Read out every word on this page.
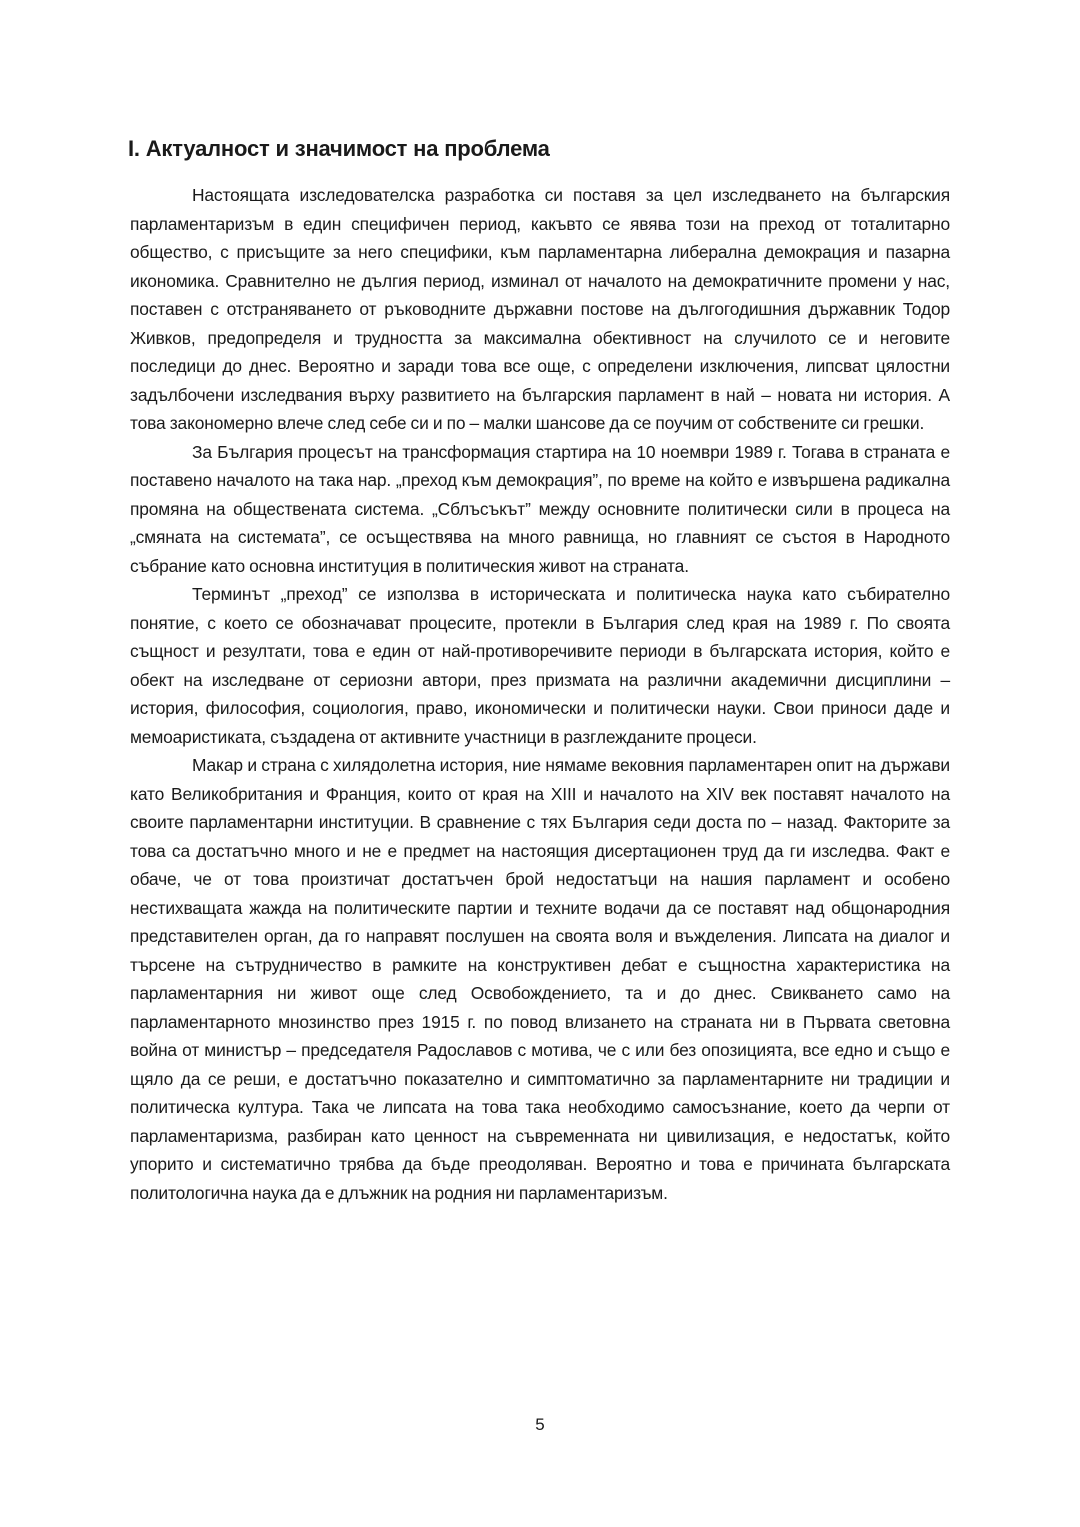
I. Актуалност и значимост на проблема

Настоящата изследователска разработка си поставя за цел изследването на българския парламентаризъм в един специфичен период, какъвто се явява този на преход от тоталитарно общество, с присъщите за него специфики, към парламентарна либерална демокрация и пазарна икономика. Сравнително не дългия период, изминал от началото на демократичните промени у нас, поставен с отстраняването от ръководните държавни постове на дългогодишния държавник Тодор Живков, предопределя и трудността за максимална обективност на случилото се и неговите последици до днес. Вероятно и заради това все още, с определени изключения, липсват цялостни задълбочени изследвания върху развитието на българския парламент в най – новата ни история. А това закономерно влече след себе си и по – малки шансове да се поучим от собствените си грешки.

За България процесът на трансформация стартира на 10 ноември 1989 г. Тогава в страната е поставено началото на така нар. „преход към демокрация”, по време на който е извършена радикална промяна на обществената система. „Сблъсъкът” между основните политически сили в процеса на „смяната на системата”, се осъществява на много равнища, но главният се състоя в Народното събрание като основна институция в политическия живот на страната.

Терминът „преход” се използва в историческата и политическа наука като събирателно понятие, с което се обозначават процесите, протекли в България след края на 1989 г. По своята същност и резултати, това е един от най-противоречивите периоди в българската история, който е обект на изследване от сериозни автори, през призмата на различни академични дисциплини – история, философия, социология, право, икономически и политически науки. Свои приноси даде и мемоаристиката, създадена от активните участници в разглежданите процеси.

Макар и страна с хилядолетна история, ние нямаме вековния парламентарен опит на държави като Великобритания и Франция, които от края на XIII и началото на XIV век поставят началото на своите парламентарни институции. В сравнение с тях България седи доста по – назад. Факторите за това са достатъчно много и не е предмет на настоящия дисертационен труд да ги изследва. Факт е обаче, че от това произтичат достатъчен брой недостатъци на нашия парламент и особено нестихващата жажда на политическите партии и техните водачи да се поставят над общонародния представителен орган, да го направят послушен на своята воля и въжделения. Липсата на диалог и търсене на сътрудничество в рамките на конструктивен дебат е същностна характеристика на парламентарния ни живот още след Освобождението, та и до днес. Свикването само на парламентарното мнозинство през 1915 г. по повод влизането на страната ни в Първата световна война от министър – председателя Радославов с мотива, че с или без опозицията, все едно и също е щяло да се реши, е достатъчно показателно и симптоматично за парламентарните ни традиции и политическа култура. Така че липсата на това така необходимо самосъзнание, което да черпи от парламентаризма, разбиран като ценност на съвременната ни цивилизация, е недостатък, който упорито и систематично трябва да бъде преодоляван. Вероятно и това е причината българската политологична наука да е длъжник на родния ни парламентаризъм.

5
